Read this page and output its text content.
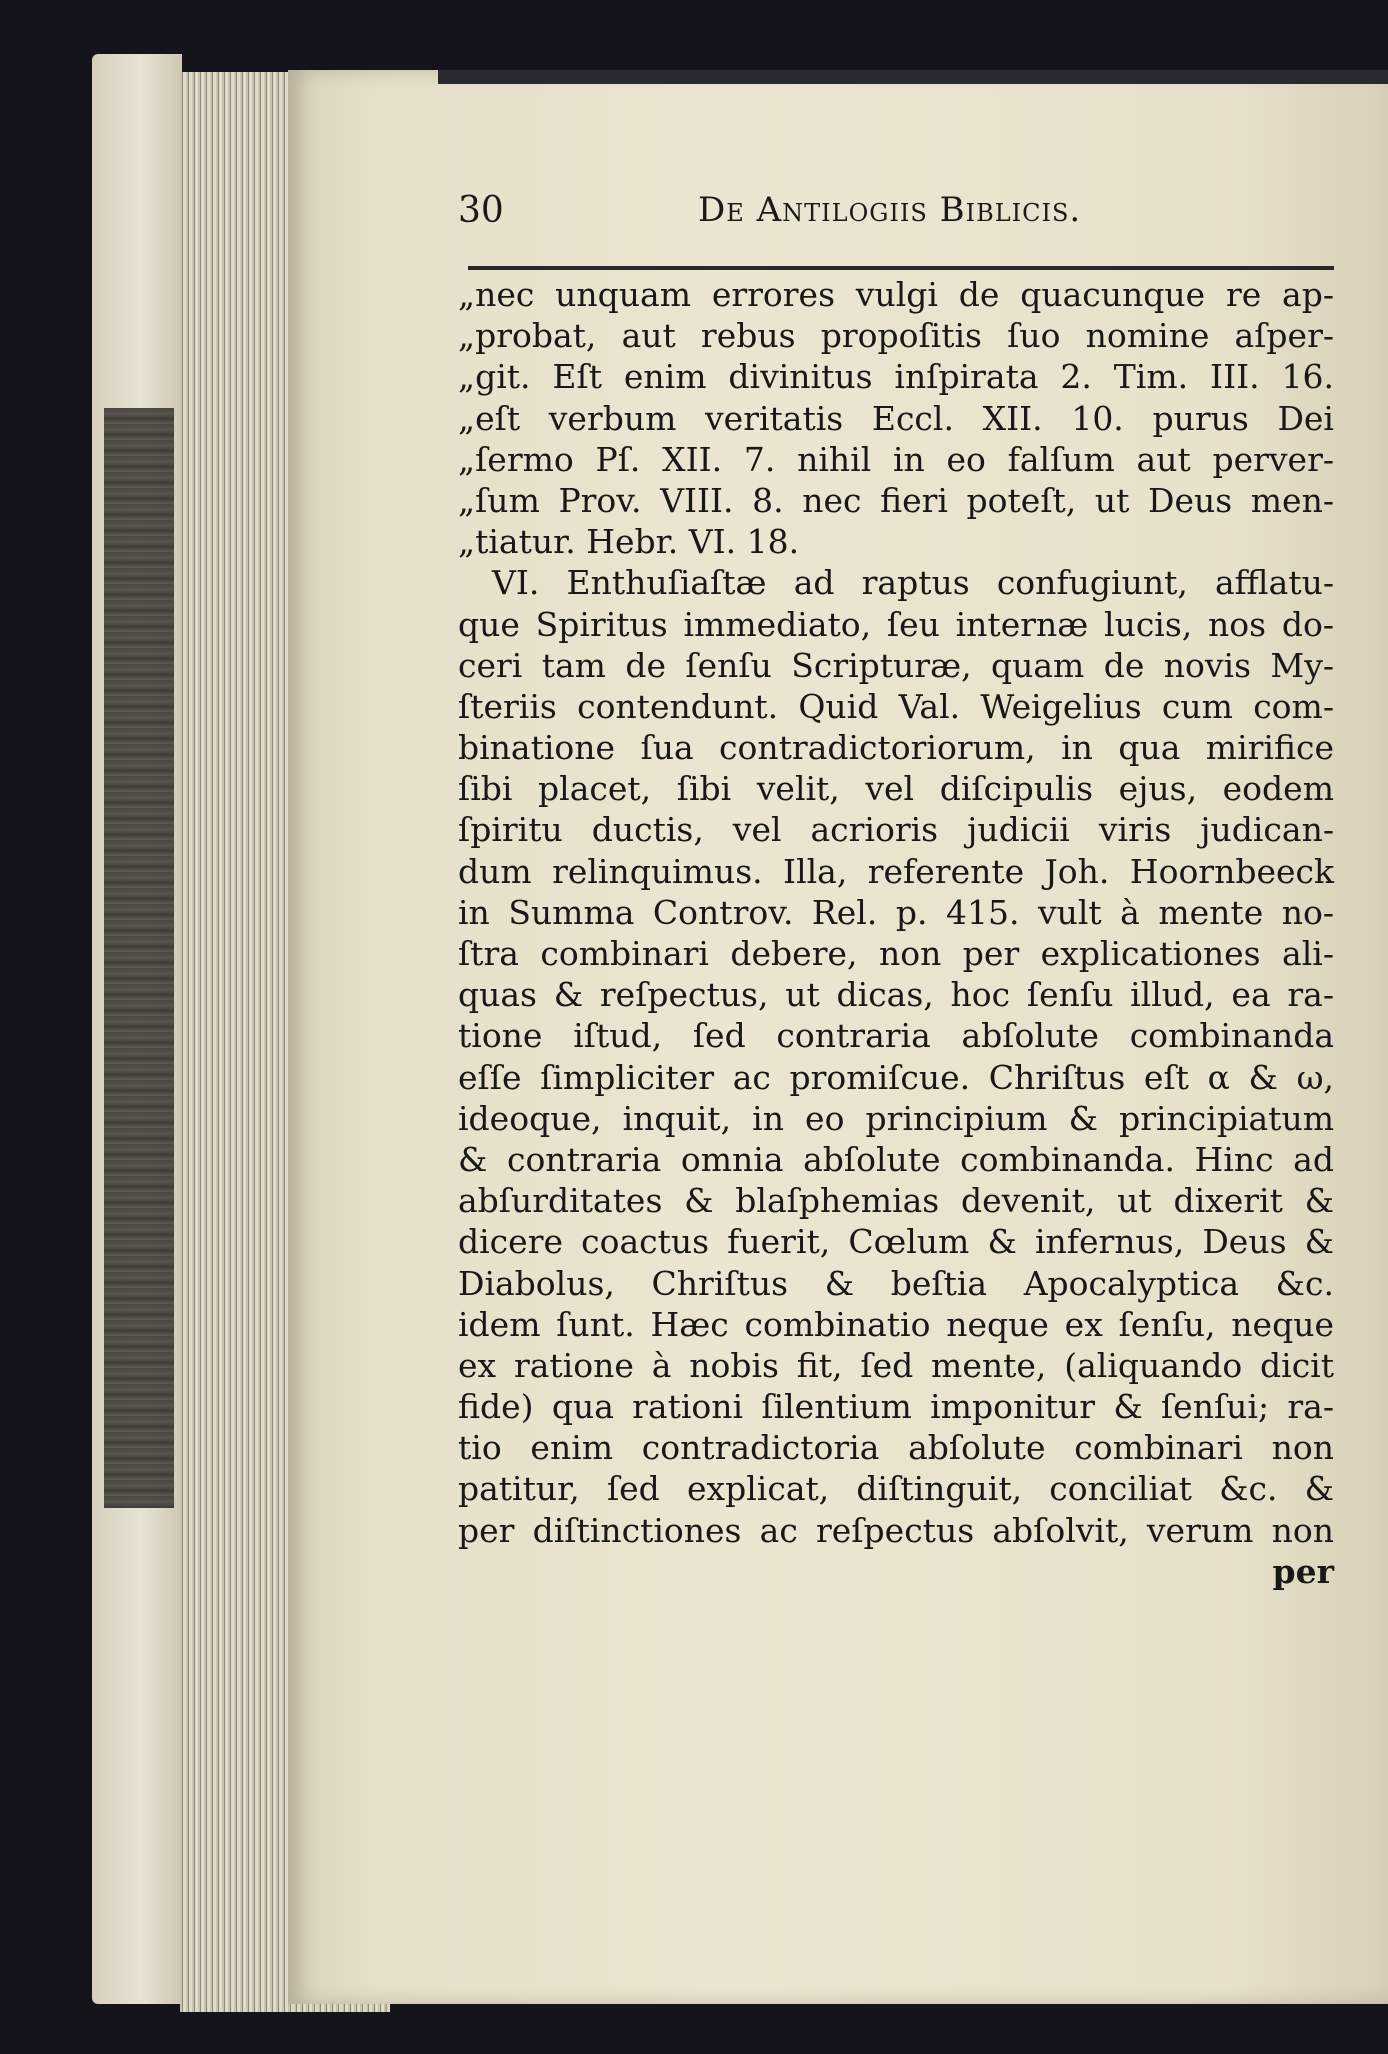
30	De Antilogiis Biblicis.
„nec unquam errores vulgi de quacunque re ap-
„probat, aut rebus propoſitis ſuo nomine aſper-
„git. Eſt enim divinitus inſpirata 2. Tim. III. 16.
„eſt verbum veritatis Eccl. XII. 10. purus Dei
„ſermo Pſ. XII. 7. nihil in eo falſum aut perver-
„ſum Prov. VIII. 8. nec fieri poteſt, ut Deus men-
„tiatur. Hebr. VI. 18.
VI. Enthuſiaſtæ ad raptus confugiunt, afflatu-
que Spiritus immediato, ſeu internæ lucis, nos do-
ceri tam de ſenſu Scripturæ, quam de novis My-
ſteriis contendunt. Quid Val. Weigelius cum com-
binatione ſua contradictoriorum, in qua mirifice
ſibi placet, ſibi velit, vel diſcipulis ejus, eodem
ſpiritu ductis, vel acrioris judicii viris judican-
dum relinquimus. Illa, referente Joh. Hoornbeeck
in Summa Controv. Rel. p. 415. vult à mente no-
ſtra combinari debere, non per explicationes ali-
quas & reſpectus, ut dicas, hoc ſenſu illud, ea ra-
tione iſtud, ſed contraria abſolute combinanda
eſſe ſimpliciter ac promiſcue. Chriſtus eſt α & ω,
ideoque, inquit, in eo principium & principiatum
& contraria omnia abſolute combinanda. Hinc ad
abſurditates & blaſphemias devenit, ut dixerit &
dicere coactus fuerit, Cœlum & infernus, Deus &
Diabolus, Chriſtus & beſtia Apocalyptica &c.
idem ſunt. Hæc combinatio neque ex ſenſu, neque
ex ratione à nobis fit, ſed mente, (aliquando dicit
fide) qua rationi ſilentium imponitur & ſenſui; ra-
tio enim contradictoria abſolute combinari non
patitur, ſed explicat, diſtinguit, conciliat &c. &
per diſtinctiones ac reſpectus abſolvit, verum non
per
